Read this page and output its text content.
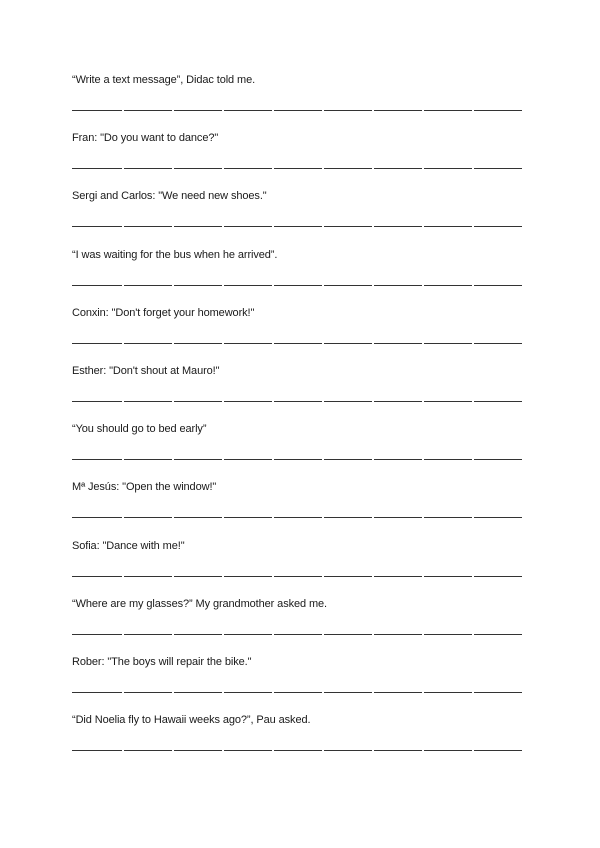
“Write a text message”, Didac told me.

Fran: "Do you want to dance?"

Sergi and Carlos: "We need new shoes."

“I was waiting for the bus when he arrived”.

Conxin: "Don't forget your homework!"

Esther: "Don't shout at Mauro!"

“You should go to bed early”

Mª Jesús: "Open the window!"

Sofia: "Dance with me!"

“Where are my glasses?” My grandmother asked me.

Rober: "The boys will repair the bike."

“Did Noelia fly to Hawaii weeks ago?”, Pau asked.
